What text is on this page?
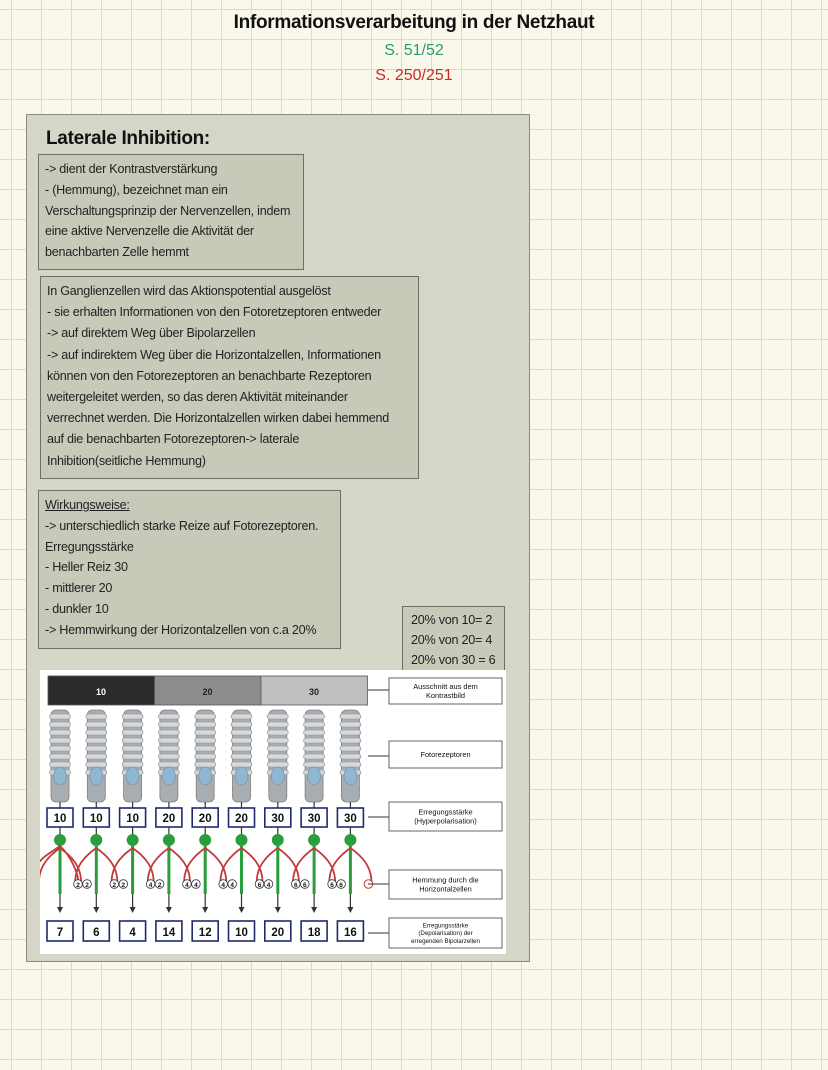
Informationsverarbeitung in der Netzhaut
S. 51/52
S. 250/251
Laterale Inhibition:
-> dient der Kontrastverstärkung
- (Hemmung), bezeichnet man ein
Verschaltungsprinzip der Nervenzellen, indem
eine aktive Nervenzelle die Aktivität der
benachbarten Zelle hemmt
In Ganglienzellen wird das Aktionspotential ausgelöst
- sie erhalten Informationen von den Fotoretzeptoren entweder
-> auf direktem Weg über Bipolarzellen
-> auf indirektem Weg über die Horizontalzellen, Informationen
können von den Fotorezeptoren an benachbarte Rezeptoren
weitergeleitet werden, so das deren Aktivität miteinander
verrechnet werden. Die Horizontalzellen wirken dabei hemmend
auf die benachbarten Fotorezeptoren-> laterale
Inhibition(seitliche Hemmung)
Wirkungsweise:
-> unterschiedlich starke Reize auf Fotorezeptoren.
Erregungsstärke
- Heller Reiz 30
- mittlerer 20
- dunkler 10
-> Hemmwirkung der Horizontalzellen von c.a 20%
20% von 10= 2
20% von 20= 4
20% von 30 = 6
10	20	30
10 10 10 20 20 20 30 30 30
2 2	2 2	4 2	4 4	4 4	6 4	6 6	6 6
7	6	4 14 12 10 20 18 16
Ausschnitt aus dem
Kontrastbild
Fotorezeptoren
Erregungsstärke
(Hyperpolarisation)
Hemmung durch die
Horizontalzellen
Erregungsstärke
(Depolarisation) der
erregenden Bipolarzellen
